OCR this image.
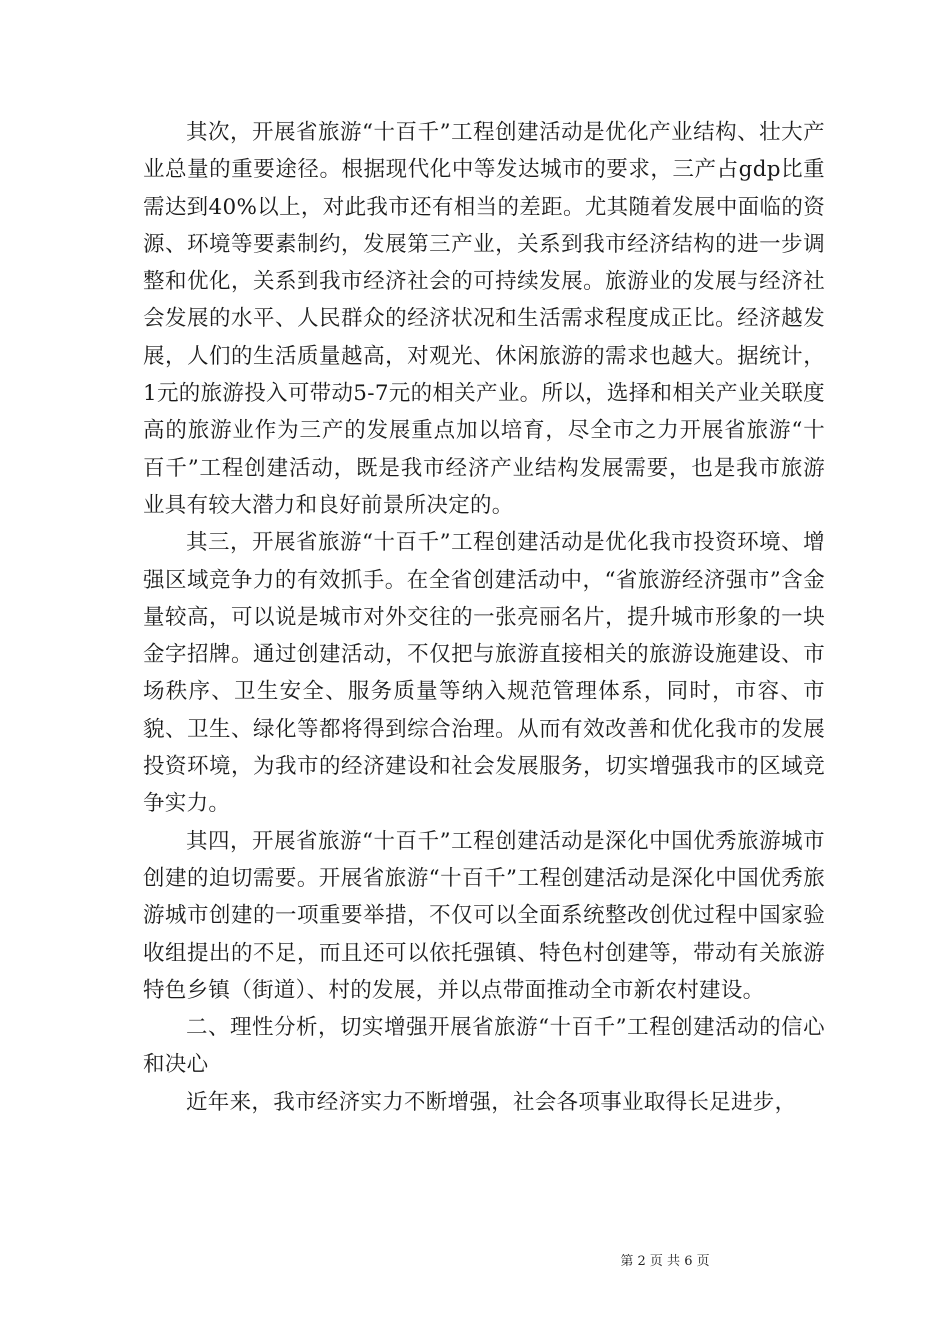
其次，开展省旅游“十百千”工程创建活动是优化产业结构、壮大产业总量的重要途径。根据现代化中等发达城市的要求，三产占gdp比重需达到40%以上，对此我市还有相当的差距。尤其随着发展中面临的资源、环境等要素制约，发展第三产业，关系到我市经济结构的进一步调整和优化，关系到我市经济社会的可持续发展。旅游业的发展与经济社会发展的水平、人民群众的经济状况和生活需求程度成正比。经济越发展，人们的生活质量越高，对观光、休闲旅游的需求也越大。据统计，1元的旅游投入可带动5-7元的相关产业。所以，选择和相关产业关联度高的旅游业作为三产的发展重点加以培育，尽全市之力开展省旅游“十百千”工程创建活动，既是我市经济产业结构发展需要，也是我市旅游业具有较大潜力和良好前景所决定的。

其三，开展省旅游“十百千”工程创建活动是优化我市投资环境、增强区域竞争力的有效抓手。在全省创建活动中，“省旅游经济强市”含金量较高，可以说是城市对外交往的一张亮丽名片，提升城市形象的一块金字招牌。通过创建活动，不仅把与旅游直接相关的旅游设施建设、市场秩序、卫生安全、服务质量等纳入规范管理体系，同时，市容、市貌、卫生、绿化等都将得到综合治理。从而有效改善和优化我市的发展投资环境，为我市的经济建设和社会发展服务，切实增强我市的区域竞争实力。

其四，开展省旅游“十百千”工程创建活动是深化中国优秀旅游城市创建的迫切需要。开展省旅游“十百千”工程创建活动是深化中国优秀旅游城市创建的一项重要举措，不仅可以全面系统整改创优过程中国家验收组提出的不足，而且还可以依托强镇、特色村创建等，带动有关旅游特色乡镇（街道）、村的发展，并以点带面推动全市新农村建设。

二、理性分析，切实增强开展省旅游“十百千”工程创建活动的信心和决心

近年来，我市经济实力不断增强，社会各项事业取得长足进步，

第 2 页 共 6 页
